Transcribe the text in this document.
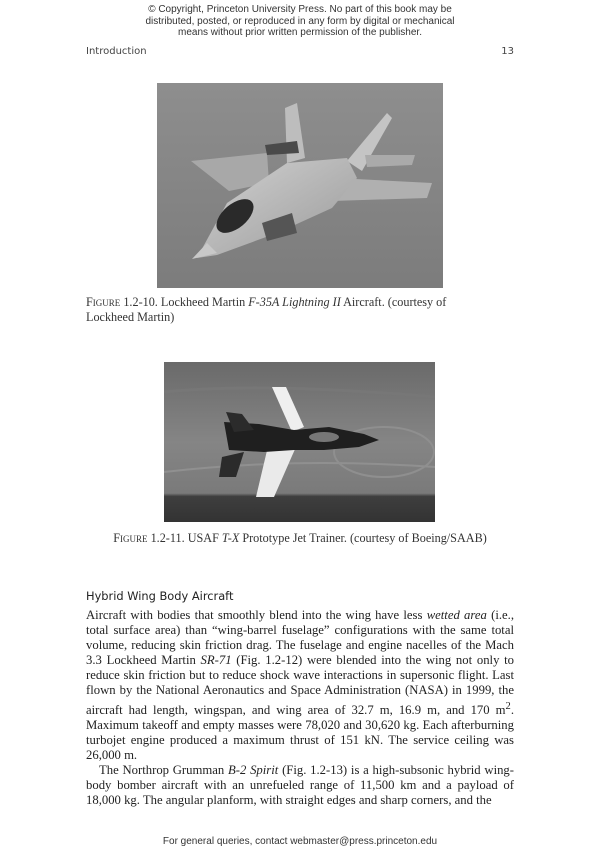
© Copyright, Princeton University Press. No part of this book may be
distributed, posted, or reproduced in any form by digital or mechanical
means without prior written permission of the publisher.
Introduction	13
Figure 1.2-10. Lockheed Martin F-35A Lightning II Aircraft. (courtesy of Lockheed Martin)
Figure 1.2-11. USAF T-X Prototype Jet Trainer. (courtesy of Boeing/SAAB)
Hybrid Wing Body Aircraft

Aircraft with bodies that smoothly blend into the wing have less wetted area (i.e., total surface area) than “wing-barrel fuselage” configurations with the same total volume, reducing skin friction drag. The fuselage and engine nacelles of the Mach 3.3 Lockheed Martin SR-71 (Fig. 1.2-12) were blended into the wing not only to reduce skin friction but to reduce shock wave interactions in supersonic flight. Last flown by the National Aeronautics and Space Administration (NASA) in 1999, the aircraft had length, wingspan, and wing area of 32.7 m, 16.9 m, and 170 $m^2$. Maximum takeoff and empty masses were 78,020 and 30,620 kg. Each afterburning turbojet engine produced a maximum thrust of 151 kN. The service ceiling was 26,000 m.

The Northrop Grumman B-2 Spirit (Fig. 1.2-13) is a high-subsonic hybrid wing-body bomber aircraft with an unrefueled range of 11,500 km and a payload of 18,000 kg. The angular planform, with straight edges and sharp corners, and the

For general queries, contact webmaster@press.princeton.edu
